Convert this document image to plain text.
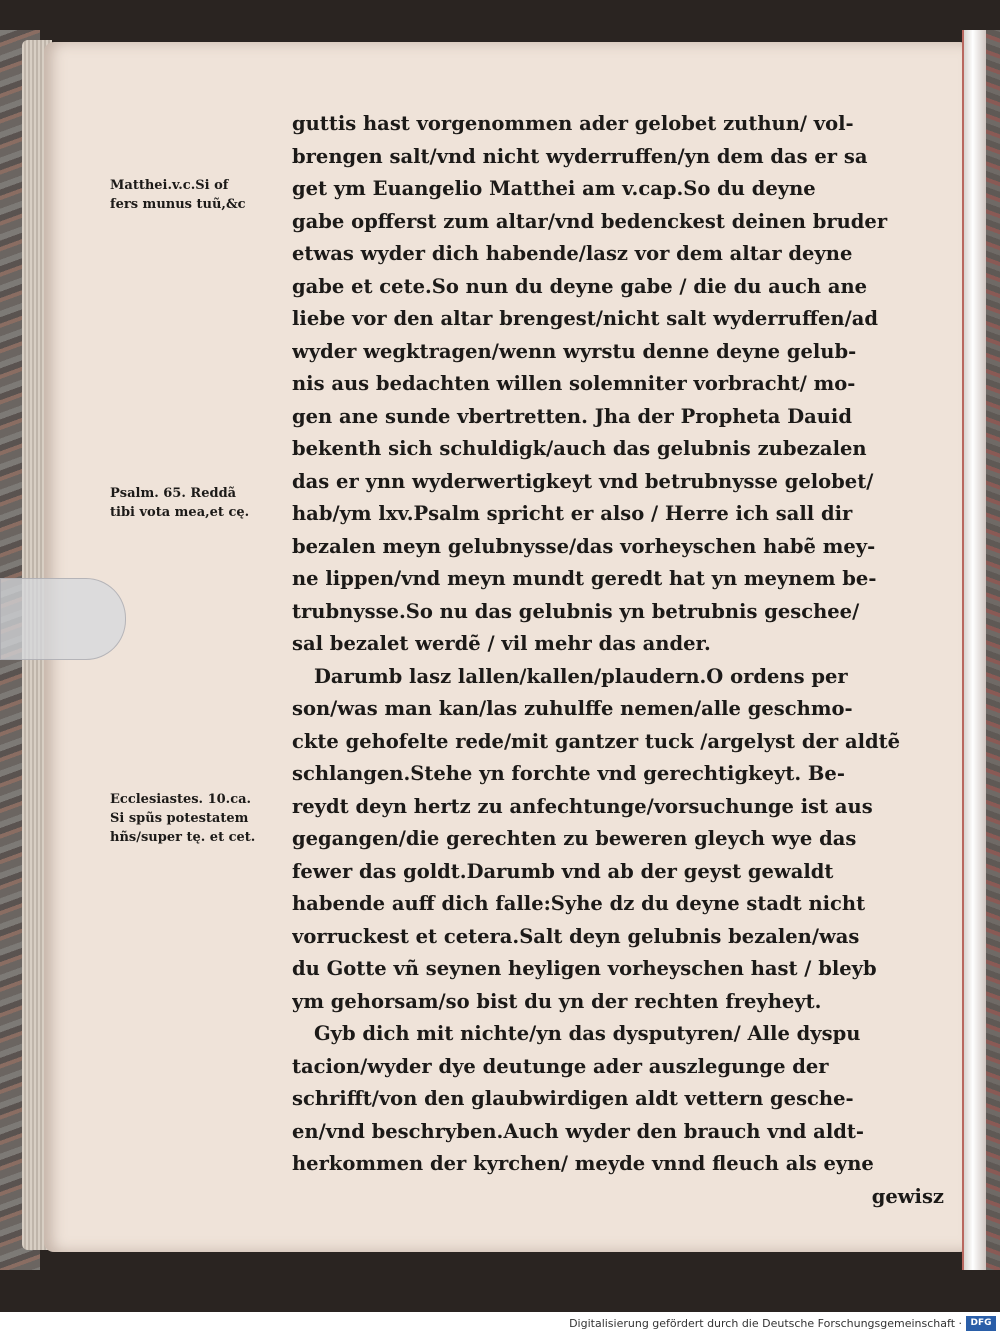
Matthei.v.c.Si of
fers munus tuũ,&c
Psalm. 65. Reddã
tibi vota mea,et cę.
Ecclesiastes. 10.ca.
Si spũs potestatem
hñs/super tę. et cet.
guttis hast vorgenommen ader gelobet zuthun/ vol-
brengen salt/vnd nicht wyderruffen/yn dem das er sa
get ym Euangelio Matthei am v.cap.So du deyne
gabe opfferst zum altar/vnd bedenckest deinen bruder
etwas wyder dich habende/lasz vor dem altar deyne
gabe et cete.So nun du deyne gabe / die du auch ane
liebe vor den altar brengest/nicht salt wyderruffen/ad
wyder wegktragen/wenn wyrstu denne deyne gelub-
nis aus bedachten willen solemniter vorbracht/ mo-
gen ane sunde vbertretten. Jha der Propheta Dauid
bekenth sich schuldigk/auch das gelubnis zubezalen
das er ynn wyderwertigkeyt vnd betrubnysse gelobet/
hab/ym lxv.Psalm spricht er also / Herre ich sall dir
bezalen meyn gelubnysse/das vorheyschen habẽ mey-
ne lippen/vnd meyn mundt geredt hat yn meynem be-
trubnysse.So nu das gelubnis yn betrubnis geschee/
sal bezalet werdẽ / vil mehr das ander.
Darumb lasz lallen/kallen/plaudern.O ordens per
son/was man kan/las zuhulffe nemen/alle geschmo-
ckte gehofelte rede/mit gantzer tuck /argelyst der aldtẽ
schlangen.Stehe yn forchte vnd gerechtigkeyt. Be-
reydt deyn hertz zu anfechtunge/vorsuchunge ist aus
gegangen/die gerechten zu beweren gleych wye das
fewer das goldt.Darumb vnd ab der geyst gewaldt
habende auff dich falle:Syhe dz du deyne stadt nicht
vorruckest et cetera.Salt deyn gelubnis bezalen/was
du Gotte vñ seynen heyligen vorheyschen hast / bleyb
ym gehorsam/so bist du yn der rechten freyheyt.
Gyb dich mit nichte/yn das dysputyren/ Alle dyspu
tacion/wyder dye deutunge ader auszlegunge der
schrifft/von den glaubwirdigen aldt vettern gesche-
en/vnd beschryben.Auch wyder den brauch vnd aldt-
herkommen der kyrchen/ meyde vnnd fleuch als eyne
gewisz
Digitalisierung gefördert durch die Deutsche Forschungsgemeinschaft · DFG
